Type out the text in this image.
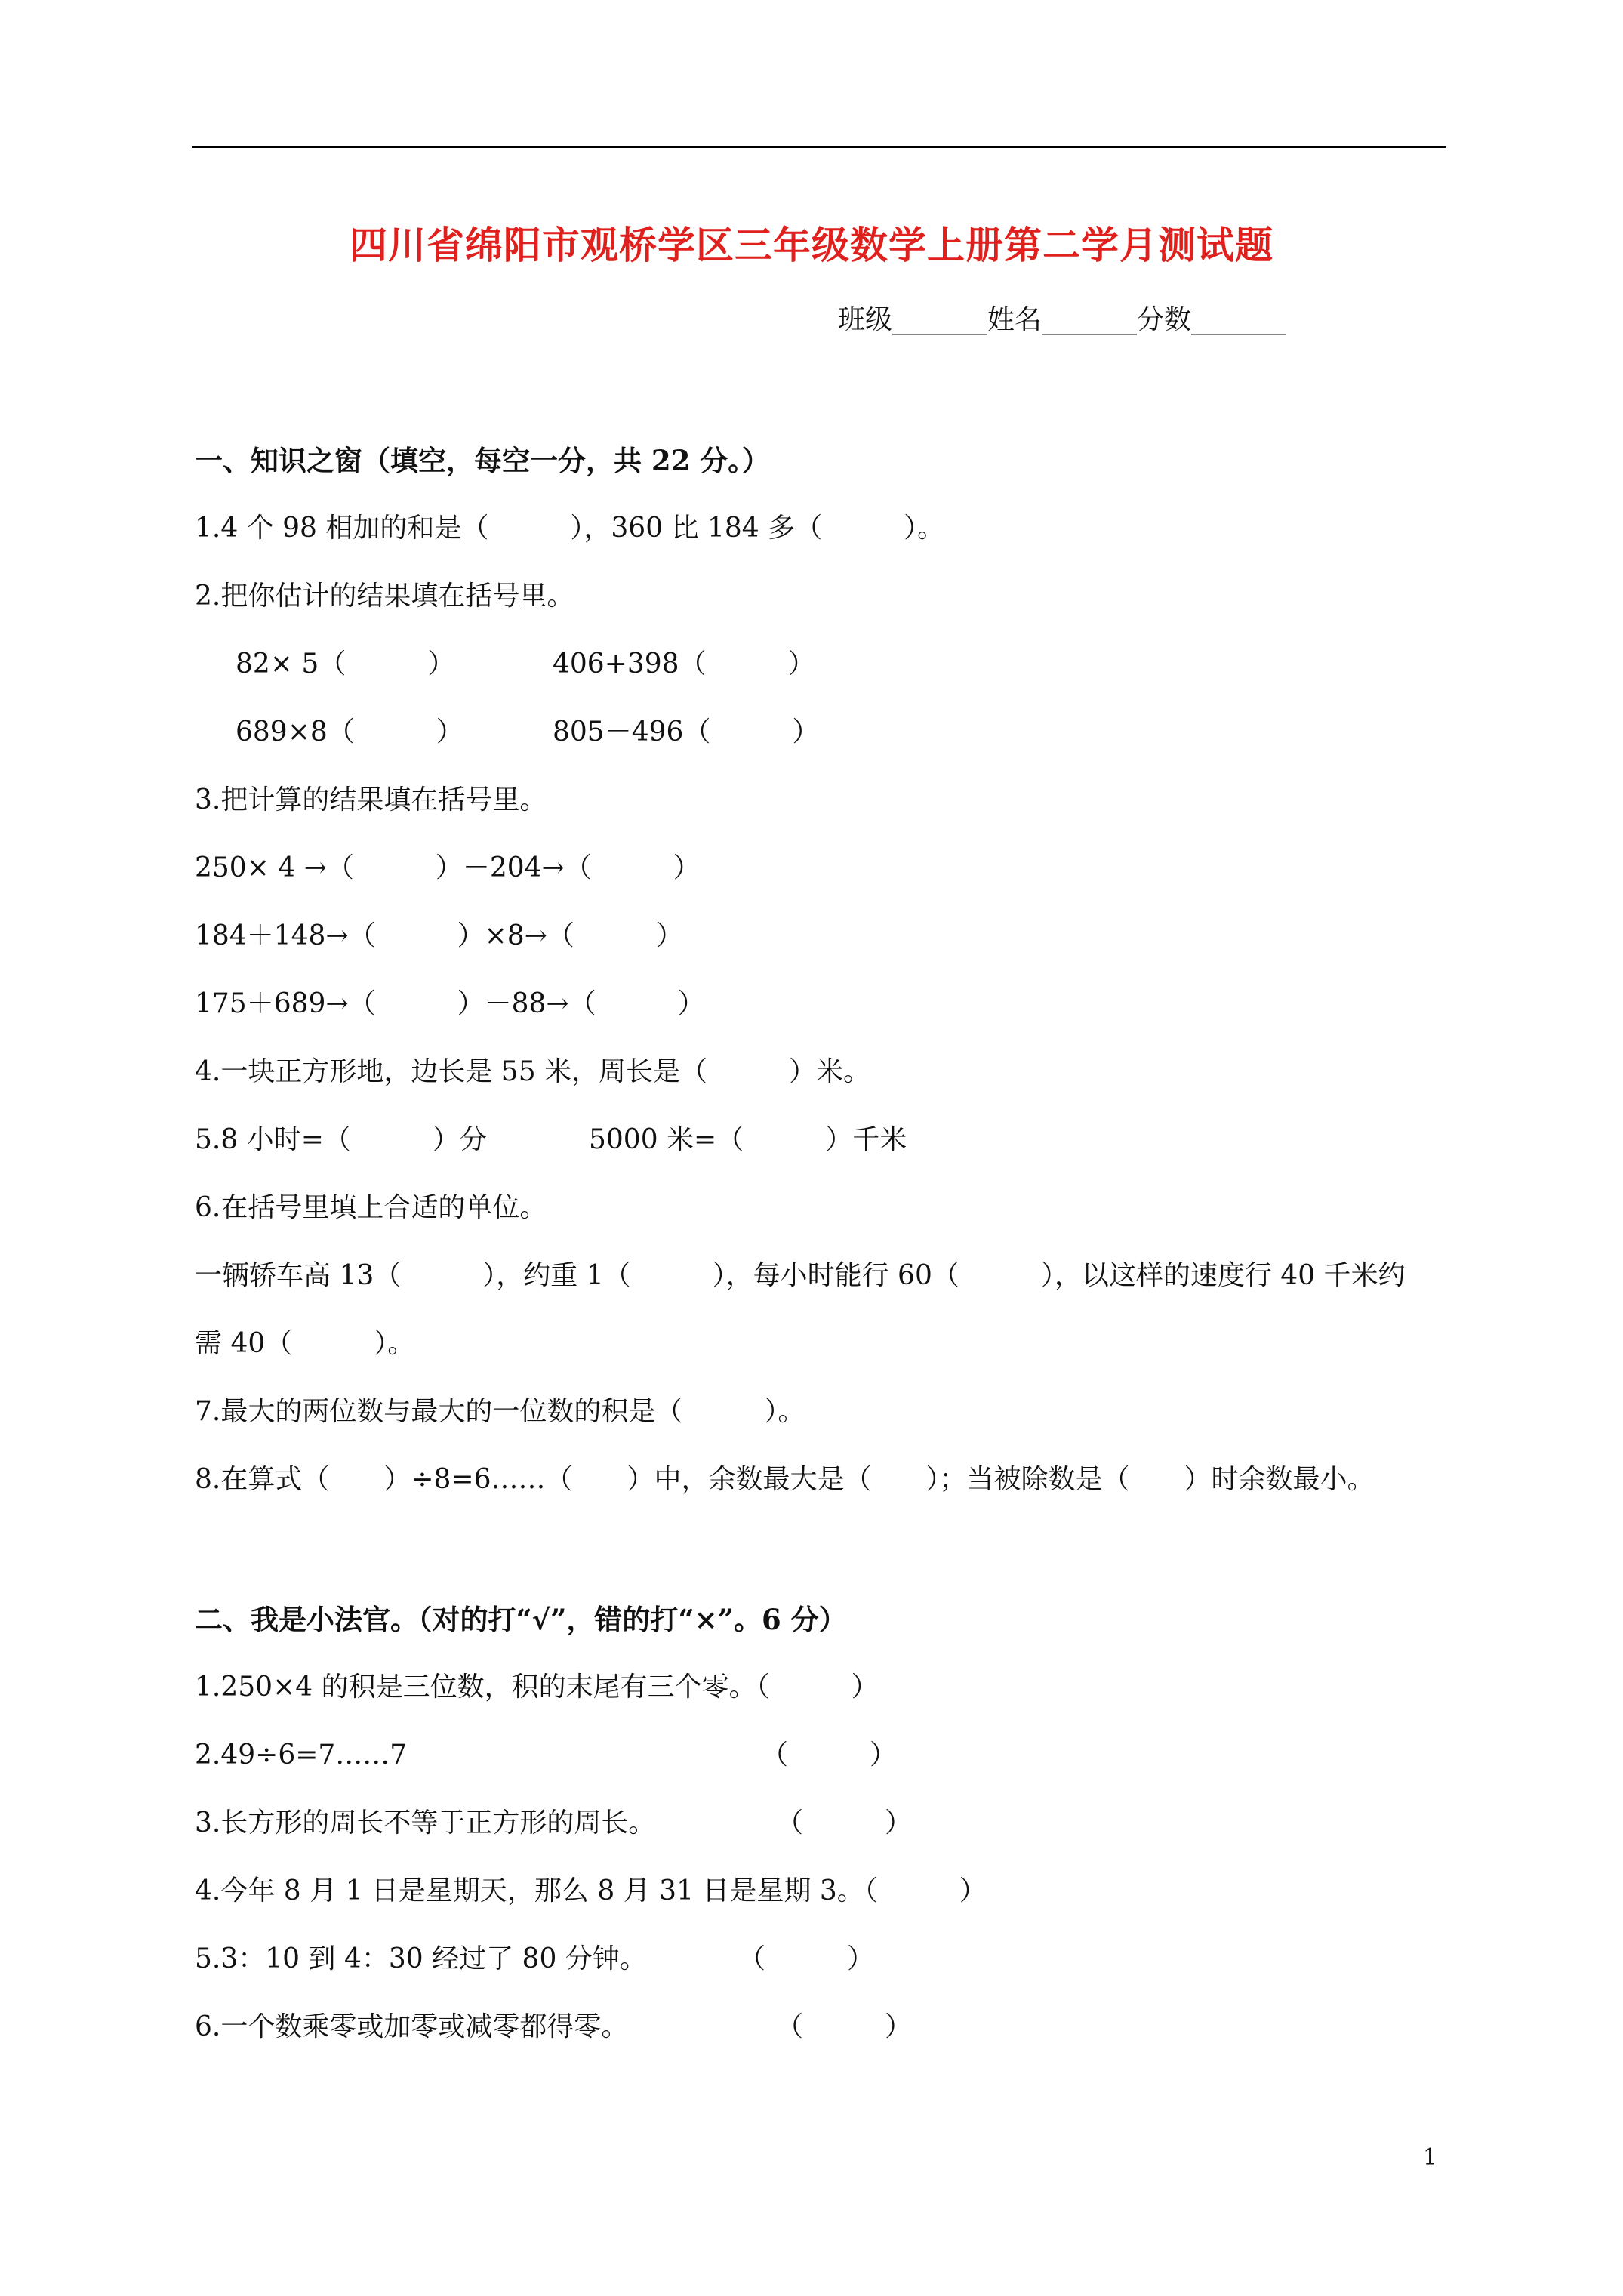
四川省绵阳市观桥学区三年级数学上册第二学月测试题
班级_______姓名_______分数_______
一、知识之窗（填空，每空一分，共 22 分。）
1.4 个 98 相加的和是（　　　），360 比 184 多（　　　）。
2.把你估计的结果填在括号里。
82× 5（　　　）	406+398（　　　）
689×8（　　　）	805－496（　　　）
3.把计算的结果填在括号里。
250× 4 →（　　　）－204→（　　　）
184＋148→（　　　）×8→（　　　）
175＋689→（　　　）－88→（　　　）
4.一块正方形地，边长是 55 米，周长是（　　　）米。
5.8 小时=（　　　）分	5000 米=（　　　）千米
6.在括号里填上合适的单位。
一辆轿车高 13（　　　），约重 1（　　　），每小时能行 60（　　　），以这样的速度行 40 千米约
需 40（　　　）。
7.最大的两位数与最大的一位数的积是（　　　）。
8.在算式（　　）÷8=6……（　　）中，余数最大是（　　）；当被除数是（　　）时余数最小。
二、我是小法官。（对的打“√”，错的打“×”。6 分）
1.250×4 的积是三位数，积的末尾有三个零。（　　　）
2.49÷6=7……7	（　　　）
3.长方形的周长不等于正方形的周长。	（　　　）
4.今年 8 月 1 日是星期天，那么 8 月 31 日是星期 3。（　　　）
5.3：10 到 4：30 经过了 80 分钟。	（　　　）
6.一个数乘零或加零或减零都得零。	（　　　）
1
